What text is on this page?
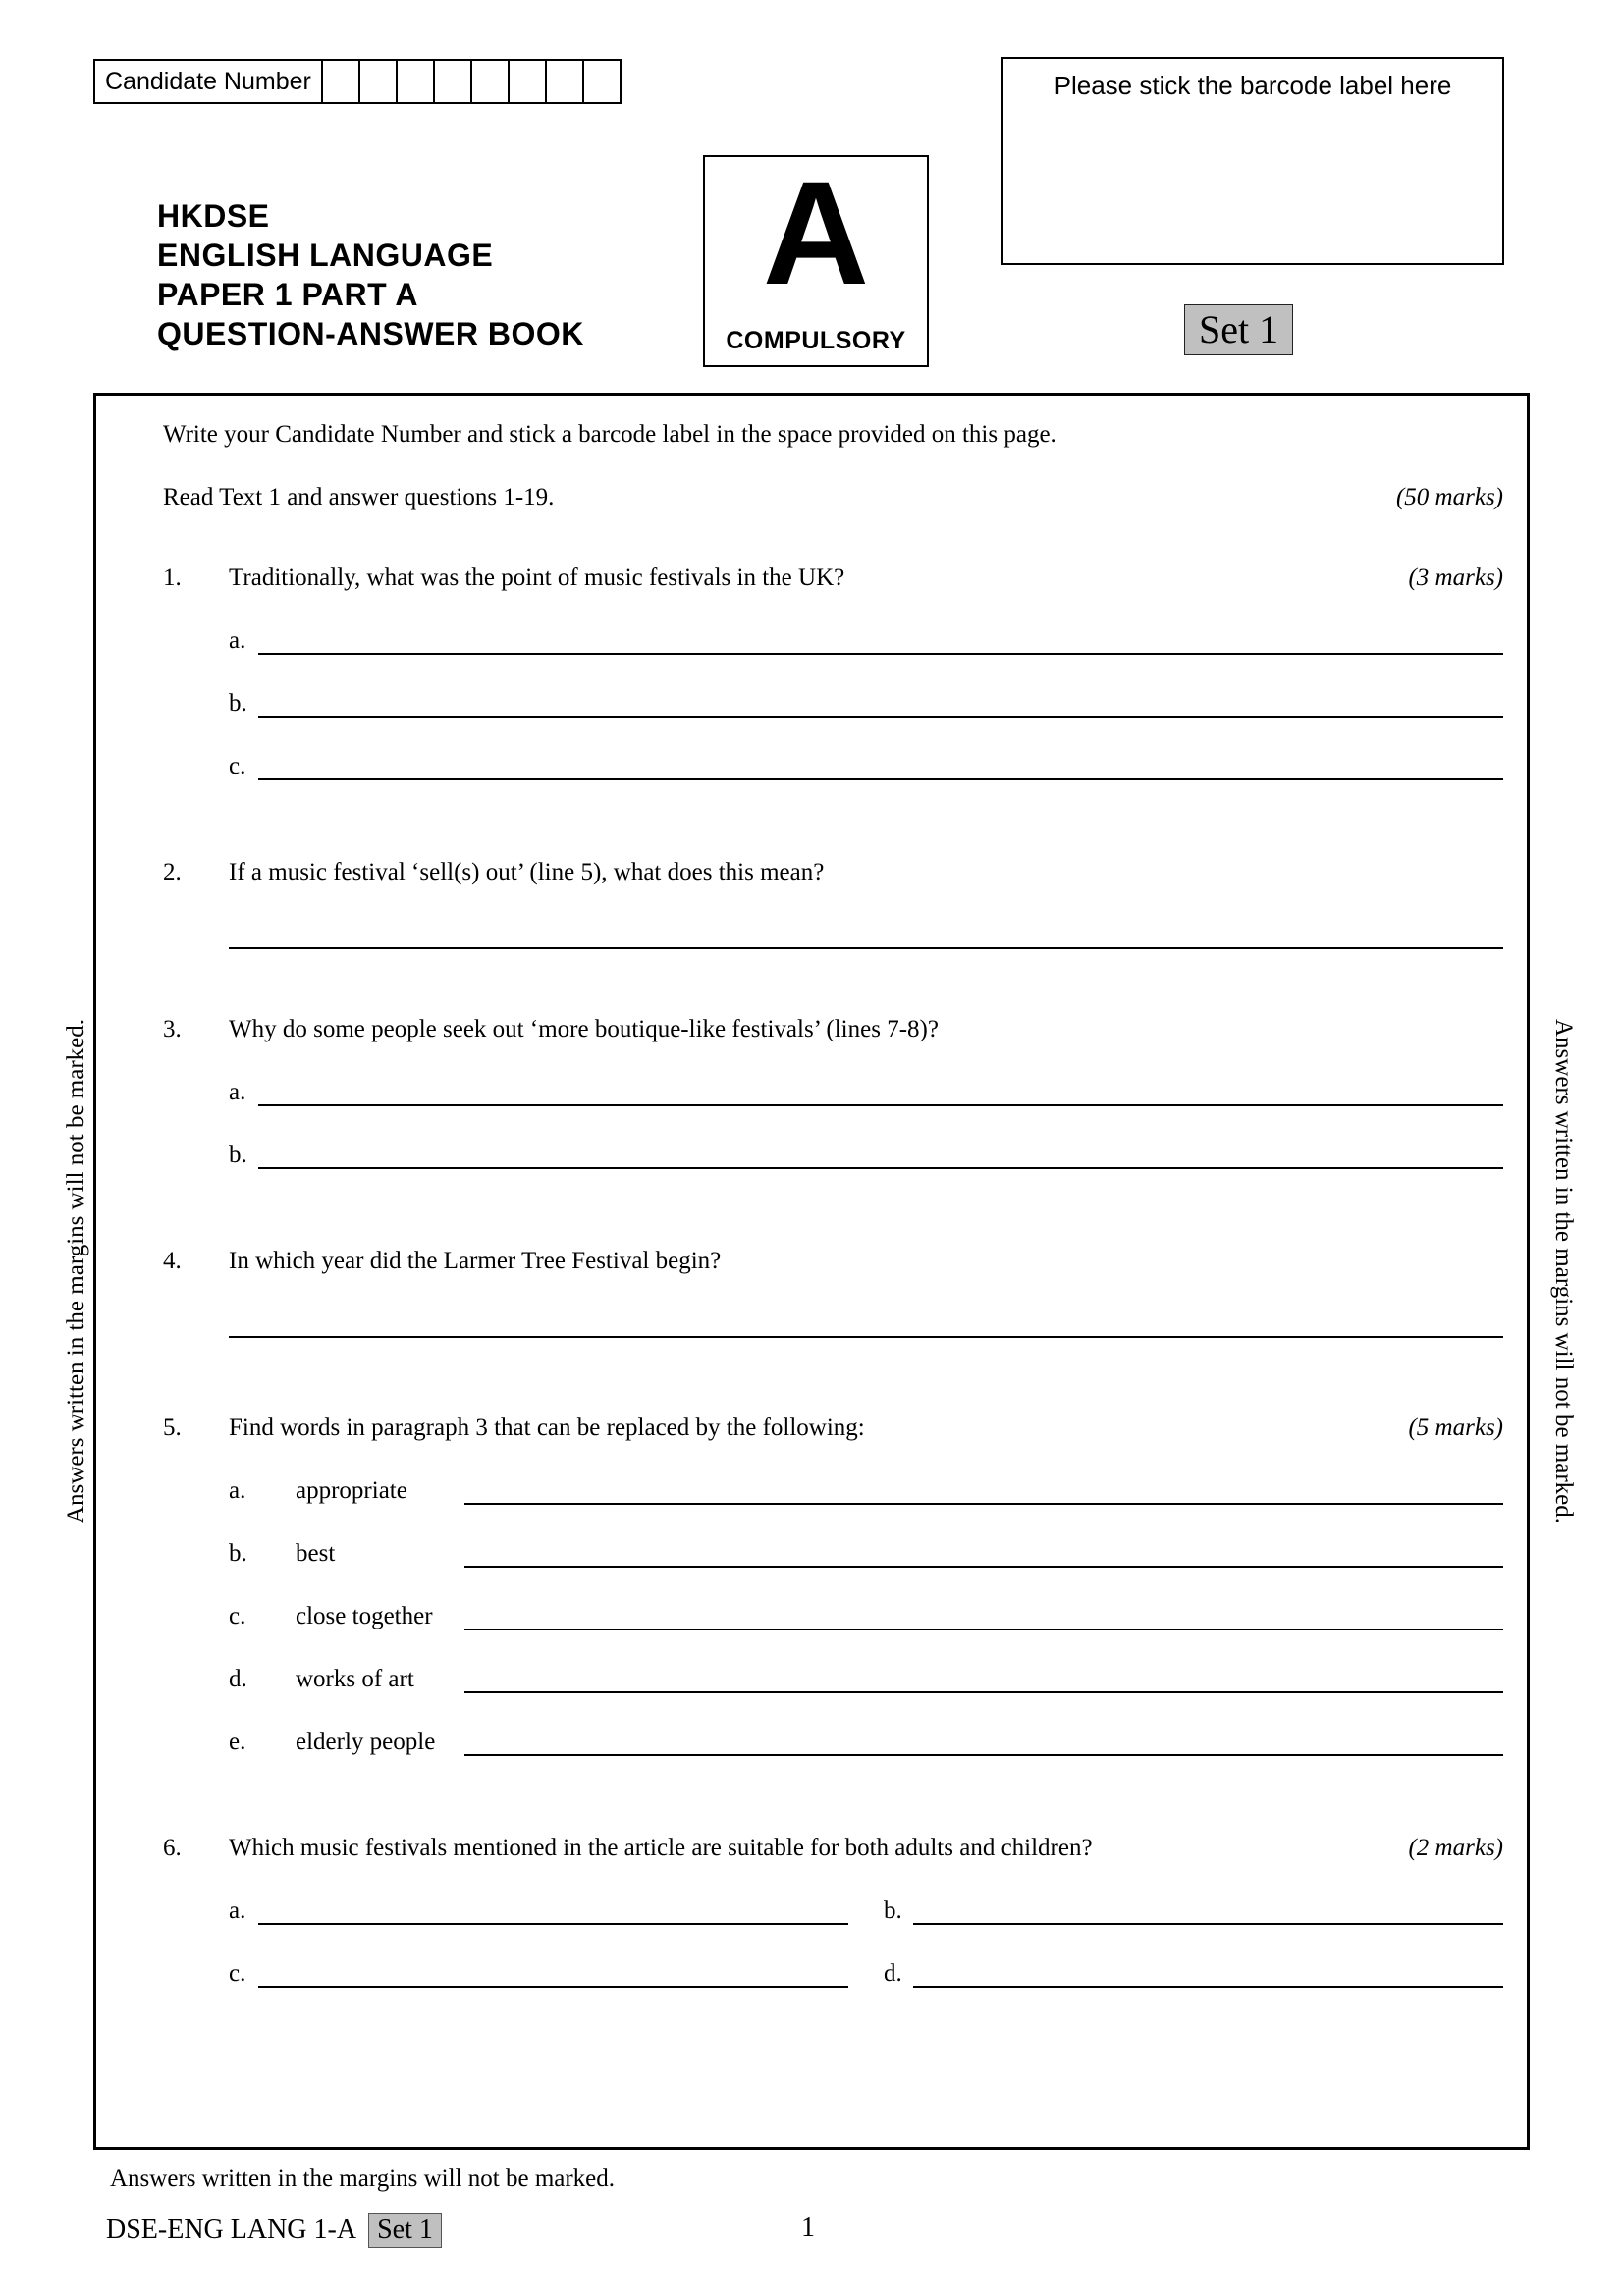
Candidate Number	Please stick the barcode label here
HKDSE
ENGLISH LANGUAGE
PAPER 1 PART A
QUESTION-ANSWER BOOK
A
COMPULSORY	Set 1
Write your Candidate Number and stick a barcode label in the space provided on this page.
Read Text 1 and answer questions 1-19.	(50 marks)
1.	Traditionally, what was the point of music festivals in the UK?	(3 marks)
a.
b.
c.
2.	If a music festival ‘sell(s) out’ (line 5), what does this mean?
3.	Why do some people seek out ‘more boutique-like festivals’ (lines 7-8)?
a.
b.
4.	In which year did the Larmer Tree Festival begin?
5.	Find words in paragraph 3 that can be replaced by the following:	(5 marks)
a.	appropriate
b.	best
c.	close together
d.	works of art
e.	elderly people
6.	Which music festivals mentioned in the article are suitable for both adults and children?	(2 marks)
a.	b.
c.	d.
Answers written in the margins will not be marked.	Answers written in the margins will not be marked.
Answers written in the margins will not be marked.
DSE-ENG LANG 1-A Set 1	1
